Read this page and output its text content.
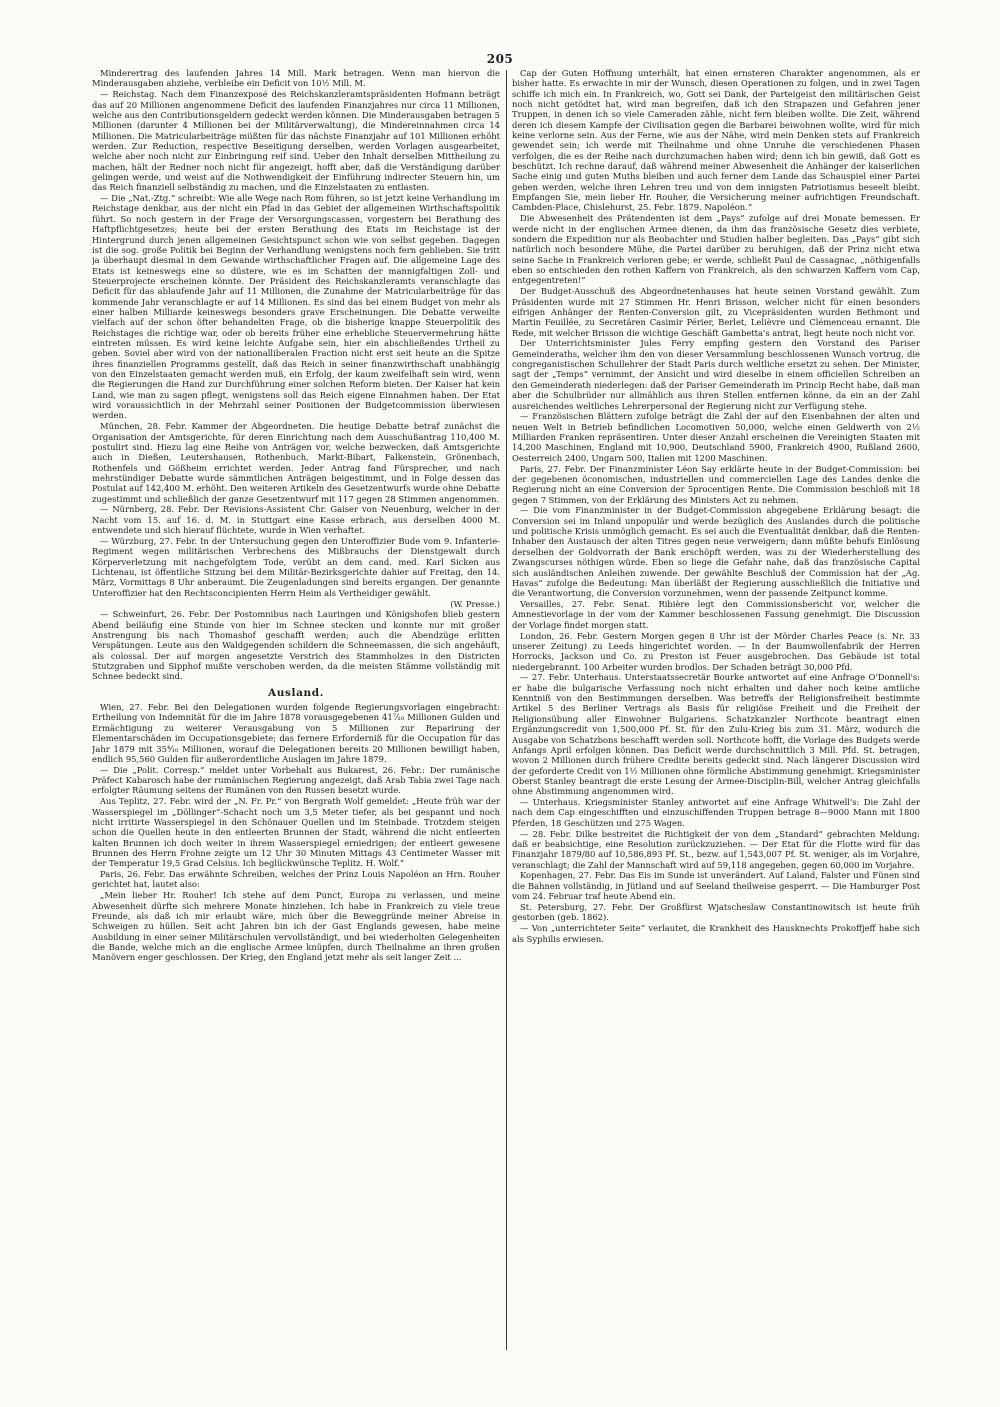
205

Minderertrag des laufenden Jahres 14 Mill. Mark betragen. Wenn man hiervon die Minderausgaben abziehe, verbleibe ein Deficit von 10½ Mill. M.

— Reichstag. Nach dem Finanzexposé des Reichskanzleramtspräsidenten Hofmann beträgt das auf 20 Millionen angenommene Deficit des laufenden Finanzjahres nur circa 11 Millionen, welche aus den Contributionsgeldern gedeckt werden können. Die Minderausgaben betragen 5 Millionen (darunter 4 Millionen bei der Militärverwaltung), die Mindereinnahmen circa 14 Millionen. Die Matricularbeiträge müßten für das nächste Finanzjahr auf 101 Millionen erhöht werden. Zur Reduction, respective Beseitigung derselben, werden Vorlagen ausgearbeitet, welche aber noch nicht zur Einbringung reif sind. Ueber den Inhalt derselben Mittheilung zu machen, hält der Redner noch nicht für angezeigt, hofft aber, daß die Verständigung darüber gelingen werde, und weist auf die Nothwendigkeit der Einführung indirecter Steuern hin, um das Reich finanziell selbständig zu machen, und die Einzelstaaten zu entlasten.

— Die „Nat.-Ztg.“ schreibt: Wie alle Wege nach Rom führen, so ist jetzt keine Verhandlung im Reichstage denkbar, aus der nicht ein Pfad in das Gebiet der allgemeinen Wirthschaftspolitik führt. So noch gestern in der Frage der Versorgungscassen, vorgestern bei Berathung des Haftpflichtgesetzes; heute bei der ersten Berathung des Etats im Reichstage ist der Hintergrund durch jenen allgemeinen Gesichtspunct schon wie von selbst gegeben. Dagegen ist die sog. große Politik bei Beginn der Verhandlung wenigstens noch fern geblieben. Sie tritt ja überhaupt diesmal in dem Gewande wirthschaftlicher Fragen auf. Die allgemeine Lage des Etats ist keineswegs eine so düstere, wie es im Schatten der mannigfaltigen Zoll- und Steuerprojecte erscheinen könnte. Der Präsident des Reichskanzleramts veranschlagte das Deficit für das ablaufende Jahr auf 11 Millionen, die Zunahme der Matricularbeiträge für das kommende Jahr veranschlagte er auf 14 Millionen. Es sind das bei einem Budget von mehr als einer halben Milliarde keineswegs besonders grave Erscheinungen. Die Debatte verweilte vielfach auf der schon öfter behandelten Frage, ob die bisherige knappe Steuerpolitik des Reichstages die richtige war, oder ob bereits früher eine erhebliche Steuervermehrung hätte eintreten müssen. Es wird keine leichte Aufgabe sein, hier ein abschließendes Urtheil zu geben. Soviel aber wird von der nationalliberalen Fraction nicht erst seit heute an die Spitze ihres finanziellen Programms gestellt, daß das Reich in seiner finanzwirthschaft unabhängig von den Einzelstaaten gemacht werden muß, ein Erfolg, der kaum zweifelhaft sein wird, wenn die Regierungen die Hand zur Durchführung einer solchen Reform bieten. Der Kaiser hat kein Land, wie man zu sagen pflegt, wenigstens soll das Reich eigene Einnahmen haben. Der Etat wird voraussichtlich in der Mehrzahl seiner Positionen der Budgetcommission überwiesen werden.

München, 28. Febr. Kammer der Abgeordneten. Die heutige Debatte betraf zunächst die Organisation der Amtsgerichte, für deren Einrichtung nach dem Ausschußantrag 110,400 M. postulirt sind. Hiezu lag eine Reihe von Anträgen vor, welche bezwecken, daß Amtsgerichte auch in Dießen, Leutershausen, Rothenbuch, Markt-Bibart, Falkenstein, Grönenbach, Rothenfels und Gößheim errichtet werden. Jeder Antrag fand Fürsprecher, und nach mehrstündiger Debatte wurde sämmtlichen Anträgen beigestimmt, und in Folge dessen das Postulat auf 142,400 M. erhöht. Den weiteren Artikeln des Gesetzentwurfs wurde ohne Debatte zugestimmt und schließlich der ganze Gesetzentwurf mit 117 gegen 28 Stimmen angenommen.

— Nürnberg, 28. Febr. Der Revisions-Assistent Chr. Gaiser von Neuenburg, welcher in der Nacht vom 15. auf 16. d. M. in Stuttgart eine Kasse erbrach, aus derselben 4000 M. entwendete und sich hierauf flüchtete, wurde in Wien verhaftet.

— Würzburg, 27. Febr. In der Untersuchung gegen den Unteroffizier Bude vom 9. Infanterie-Regiment wegen militärischen Verbrechens des Mißbrauchs der Dienstgewalt durch Körperverletzung mit nachgefolgtem Tode, verübt an dem cand. med. Karl Sicken aus Lichtenau, ist öffentliche Sitzung bei dem Militär-Bezirksgerichte dahier auf Freitag, den 14. März, Vormittags 8 Uhr anberaumt. Die Zeugenladungen sind bereits ergangen. Der genannte Unteroffizier hat den Rechtsconcipienten Herrn Heim als Vertheidiger gewählt.

(W. Presse.)

— Schweinfurt, 26. Febr. Der Postomnibus nach Lauringen und Königshofen blieb gestern Abend beiläufig eine Stunde von hier im Schnee stecken und konnte nur mit großer Anstrengung bis nach Thomashof geschafft werden; auch die Abendzüge erlitten Verspätungen. Leute aus den Waldgegenden schildern die Schneemassen, die sich angehäuft, als colossal. Der auf morgen angesetzte Verstrich des Stammholzes in den Districten Stutzgraben und Sipphof mußte verschoben werden, da die meisten Stämme vollständig mit Schnee bedeckt sind.

Ausland.

Wien, 27. Febr. Bei den Delegationen wurden folgende Regierungsvorlagen eingebracht: Ertheilung von Indemnität für die im Jahre 1878 vorausgegebenen 41⁷⁄₁₀ Millionen Gulden und Ermächtigung zu weiterer Verausgabung von 5 Millionen zur Reparirung der Elementarschäden im Occupationsgebiete; das fernere Erforderniß für die Occupation für das Jahr 1879 mit 35⁴⁄₁₀ Millionen, worauf die Delegationen bereits 20 Millionen bewilligt haben, endlich 95,560 Gulden für außerordentliche Auslagen im Jahre 1879.

— Die „Polit. Corresp.“ meldet unter Vorbehalt aus Bukarest, 26. Febr.: Der rumänische Präfect Kabarosch habe der rumänischen Regierung angezeigt, daß Arab Tabia zwei Tage nach erfolgter Räumung seitens der Rumänen von den Russen besetzt wurde.

Aus Teplitz, 27. Febr. wird der „N. Fr. Pr.“ von Bergrath Wolf gemeldet: „Heute früh war der Wasserspiegel im „Döllinger“-Schacht noch um 3,5 Meter tiefer, als bei gespannt und noch nicht irritirte Wasserspiegel in den Schönauer Quellen und im Steinbade. Trotzdem steigen schon die Quellen heute in den entleerten Brunnen der Stadt, während die nicht entleerten kalten Brunnen ich doch weiter in ihrem Wasserspiegel erniedrigen; der entleert gewesene Brunnen des Herrn Frohne zeigte um 12 Uhr 30 Minuten Mittags 43 Centimeter Wasser mit der Temperatur 19,5 Grad Celsius. Ich beglückwünsche Teplitz. H. Wolf.“

Paris, 26. Febr. Das erwähnte Schreiben, welches der Prinz Louis Napoléon an Hrn. Rouher gerichtet hat, lautet also:

„Mein lieber Hr. Rouher! Ich stehe auf dem Punct, Europa zu verlassen, und meine Abwesenheit dürfte sich mehrere Monate hinziehen. Ich habe in Frankreich zu viele treue Freunde, als daß ich mir erlaubt wäre, mich über die Beweggründe meiner Abreise in Schweigen zu hüllen. Seit acht Jahren bin ich der Gast Englands gewesen, habe meine Ausbildung in einer seiner Militärschulen vervollständigt, und bei wiederholten Gelegenheiten die Bande, welche mich an die englische Armee knüpfen, durch Theilnahme an ihren großen Manövern enger geschlossen. Der Krieg, den England jetzt mehr als seit langer Zeit ...

Cap der Guten Hoffnung unterhält, hat einen ernsteren Charakter angenommen, als er bisher hatte. Es erwachte in mir der Wunsch, diesen Operationen zu folgen, und in zwei Tagen schiffe ich mich ein. In Frankreich, wo, Gott sei Dank, der Parteigeist den militärischen Geist noch nicht getödtet hat, wird man begreifen, daß ich den Strapazen und Gefahren jener Truppen, in denen ich so viele Cameraden zähle, nicht fern bleiben wollte. Die Zeit, während deren ich diesem Kampfe der Civilisation gegen die Barbarei beiwohnen wollte, wird für mich keine verlorne sein. Aus der Ferne, wie aus der Nähe, wird mein Denken stets auf Frankreich gewendet sein; ich werde mit Theilnahme und ohne Unruhe die verschiedenen Phasen verfolgen, die es der Reihe nach durchzumachen haben wird; denn ich bin gewiß, daß Gott es beschützt. Ich rechne darauf, daß während meiner Abwesenheit die Anhänger der kaiserlichen Sache einig und guten Muths bleiben und auch ferner dem Lande das Schauspiel einer Partei geben werden, welche ihren Lehren treu und von dem innigsten Patriotismus beseelt bleibt. Empfangen Sie, mein lieber Hr. Rouher, die Versicherung meiner aufrichtigen Freundschaft. Cambden-Place, Chislehurst, 25. Febr. 1879. Napoléon.“

Die Abwesenheit des Prätendenten ist dem „Pays“ zufolge auf drei Monate bemessen. Er werde nicht in der englischen Armee dienen, da ihm das französische Gesetz dies verbiete, sondern die Expedition nur als Beobachter und Studien halber begleiten. Das „Pays“ gibt sich natürlich noch besondere Mühe, die Partei darüber zu beruhigen, daß der Prinz nicht etwa seine Sache in Frankreich verloren gebe; er werde, schließt Paul de Cassagnac, „nöthigenfalls eben so entschieden den rothen Kaffern von Frankreich, als den schwarzen Kaffern vom Cap, entgegentreten!“

Der Budget-Ausschuß des Abgeordnetenhauses hat heute seinen Vorstand gewählt. Zum Präsidenten wurde mit 27 Stimmen Hr. Henri Brisson, welcher nicht für einen besonders eifrigen Anhänger der Renten-Conversion gilt, zu Vicepräsidenten wurden Bethmont und Martin Feuillée, zu Secretären Casimir Périer, Berlet, Lelièvre und Clémenceau ernannt. Die Rede, mit welcher Brisson die wichtige Geschäft Gambetta's antrat, liegt heute noch nicht vor.

Der Unterrichtsminister Jules Ferry empfing gestern den Vorstand des Pariser Gemeinderaths, welcher ihm den von dieser Versammlung beschlossenen Wunsch vortrug, die congreganistischen Schullehrer der Stadt Paris durch weltliche ersetzt zu sehen. Der Minister, sagt der „Temps“ vernimmt, der Ansicht und wird dieselbe in einem officiellen Schreiben an den Gemeinderath niederlegen: daß der Pariser Gemeinderath im Princip Recht habe, daß man aber die Schulbrüder nur allmählich aus ihren Stellen entfernen könne, da ein an der Zahl ausreichendes weltliches Lehrerpersonal der Regierung nicht zur Verfügung stehe.

— Französischen Blättern zufolge beträgt die Zahl der auf den Eisenbahnen der alten und neuen Welt in Betrieb befindlichen Locomotiven 50,000, welche einen Geldwerth von 2½ Milliarden Franken repräsentiren. Unter dieser Anzahl erscheinen die Vereinigten Staaten mit 14,200 Maschinen, England mit 10,900, Deutschland 5900, Frankreich 4900, Rußland 2600, Oesterreich 2400, Ungarn 500, Italien mit 1200 Maschinen.

Paris, 27. Febr. Der Finanzminister Léon Say erklärte heute in der Budget-Commission: bei der gegebenen öconomischen, industriellen und commerciellen Lage des Landes denke die Regierung nicht an eine Conversion der 5procentigen Rente. Die Commission beschloß mit 18 gegen 7 Stimmen, von der Erklärung des Ministers Act zu nehmen.

— Die vom Finanzminister in der Budget-Commission abgegebene Erklärung besagt: die Conversion sei im Inland unpopulär und werde bezüglich des Auslandes durch die politische und politische Krisis unmöglich gemacht. Es sei auch die Eventualität denkbar, daß die Renten-Inhaber den Austausch der alten Titres gegen neue verweigern; dann müßte behufs Einlösung derselben der Goldvorrath der Bank erschöpft werden, was zu der Wiederherstellung des Zwangscurses nöthigen würde. Eben so liege die Gefahr nahe, daß das französische Capital sich ausländischen Anleihen zuwende. Der gewählte Beschluß der Commission hat der „Ag. Havas“ zufolge die Bedeutung: Man überläßt der Regierung ausschließlich die Initiative und die Verantwortung, die Conversion vorzunehmen, wenn der passende Zeitpunct komme.

Versailles, 27. Febr. Senat. Ribière legt den Commissionsbericht vor, welcher die Amnestievorlage in der vom der Kammer beschlossenen Fassung genehmigt. Die Discussion der Vorlage findet morgen statt.

London, 26. Febr. Gestern Morgen gegen 8 Uhr ist der Mörder Charles Peace (s. Nr. 33 unserer Zeitung) zu Leeds hingerichtet worden. — In der Baumwollenfabrik der Herren Horrocks, Jackson und Co. zu Preston ist Feuer ausgebrochen. Das Gebäude ist total niedergebrannt. 100 Arbeiter wurden brodlos. Der Schaden beträgt 30,000 Pfd.

— 27. Febr. Unterhaus. Unterstaatssecretär Bourke antwortet auf eine Anfrage O'Donnell's: er habe die bulgarische Verfassung noch nicht erhalten und daher noch keine amtliche Kenntniß von den Bestimmungen derselben. Was betreffs der Religionsfreiheit bestimmte Artikel 5 des Berliner Vertrags als Basis für religiöse Freiheit und die Freiheit der Religionsübung aller Einwohner Bulgariens. Schatzkanzler Northcote beantragt einen Ergänzungscredit von 1,500,000 Pf. St. für den Zulu-Krieg bis zum 31. März, wodurch die Ausgabe von Schatzbons beschafft werden soll. Northcote hofft, die Vorlage des Budgets werde Anfangs April erfolgen können. Das Deficit werde durchschnittlich 3 Mill. Pfd. St. betragen, wovon 2 Millionen durch frühere Credite bereits gedeckt sind. Nach längerer Discussion wird der geforderte Credit von 1½ Millionen ohne förmliche Abstimmung genehmigt. Kriegsminister Oberst Stanley beantragt die erste Lesung der Armee-Disciplin-Bill, welcher Antrag gleichfalls ohne Abstimmung angenommen wird.

— Unterhaus. Kriegsminister Stanley antwortet auf eine Anfrage Whitwell's: Die Zahl der nach dem Cap eingeschifften und einzuschiffenden Truppen betrage 8—9000 Mann mit 1800 Pferden, 18 Geschützen und 275 Wagen.

— 28. Febr. Dilke bestreitet die Richtigkeit der von dem „Standard“ gebrachten Meldung: daß er beabsichtige, eine Resolution zurückzuziehen. — Der Etat für die Flotte wird für das Finanzjahr 1879/80 auf 10,586,893 Pf. St., bezw. auf 1,543,007 Pf. St. weniger, als im Vorjahre, veranschlagt; die Zahl der Mannschaft wird auf 59,118 angegeben, gegen 60,000 im Vorjahre.

Kopenhagen, 27. Febr. Das Eis im Sunde ist unverändert. Auf Laland, Falster und Fünen sind die Bahnen vollständig, in Jütland und auf Seeland theilweise gesperrt. — Die Hamburger Post vom 24. Februar traf heute Abend ein.

St. Petersburg, 27. Febr. Der Großfürst Wjatscheslaw Constantinowitsch ist heute früh gestorben (geb. 1862).

— Von „unterrichteter Seite“ verlautet, die Krankheit des Hausknechts Prokoffjeff habe sich als Syphilis erwiesen.
